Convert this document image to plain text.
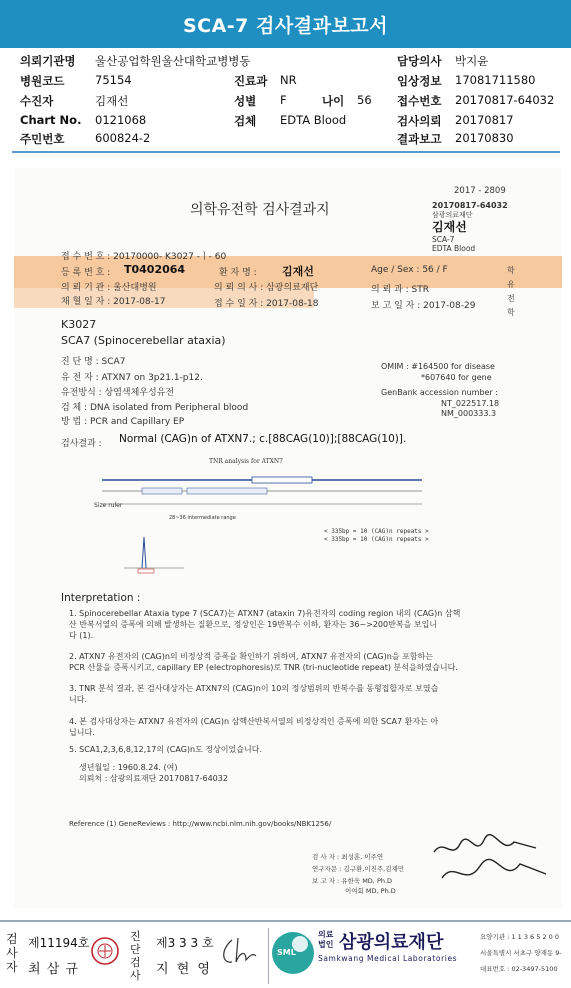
SCA-7 검사결과보고서
의뢰기관명 울산공업학원울산대학교병병동	담당의사 박지윤
병원코드	75154	진료과 NR	임상정보 17081711580
수진자	김재선	성별 F	나이 56 접수번호 20170817-64032
Chart No. 0121068	검체 EDTA Blood	검사의뢰 20170817
주민번호	600824-2	결과보고 20170830
2017 - 2809
20170817-64032
삼광의료재단
김재선
SCA-7
EDTA Blood
의학유전학 검사결과지
접 수 번 호 : 20170000- K3027 -ㅣ- 60
등 록 번 호 : T0402064	환 자 명 : 김재선	Age / Sex : 56 / F	학유전학
의 뢰 기 관 : 울산대병원	의 뢰 의 사 : 삼광의료재단	의 뢰 과 : STR
채 혈 일 자 : 2017-08-17	접 수 일 자 : 2017-08-18	보 고 일 자 : 2017-08-29
K3027
SCA7 (Spinocerebellar ataxia)
진 단 명 : SCA7
유 전 자 : ATXN7 on 3p21.1-p12.
유전방식 : 상염색체우성유전
검 체 : DNA isolated from Peripheral blood
방 법 : PCR and Capillary EP
OMIM : #164500 for disease
*607640 for gene
GenBank accession number :
NT_022517.18
NM_000333.3
검사결과 : Normal (CAG)n of ATXN7.; c.[88CAG(10)];[88CAG(10)].
TNR analysis for ATXN7
Size ruler
28~36 intermediate range
< 335bp = 10 (CAG)n repeats >
< 335bp = 10 (CAG)n repeats >
Interpretation :
1. Spinocerebellar Ataxia type 7 (SCA7)는 ATXN7 (ataxin 7)유전자의 coding region 내의 (CAG)n 삼핵
산 반복서열의 증폭에 의해 발생하는 질환으로, 정상인은 19반복수 이하, 환자는 36~>200반복을 보입니
다 (1).
2. ATXN7 유전자의 (CAG)n의 비정상적 증폭을 확인하기 위하여, ATXN7 유전자의 (CAG)n을 포함하는
PCR 산물을 증폭시키고, capillary EP (electrophoresis)로 TNR (tri-nucleotide repeat) 분석을하였습니다.
3. TNR 분석 결과, 본 검사대상자는 ATXN7의 (CAG)n이 10의 정상범위의 반복수를 동형접합자로 보였습
니다.
4. 본 검사대상자는 ATXN7 유전자의 (CAG)n 삼핵산반복서열의 비정상적인 증폭에 의한 SCA7 환자는 아
닙니다.
5. SCA1,2,3,6,8,12,17의 (CAG)n도 정상이었습니다.
생년월일 : 1960.8.24. (여)
의뢰처 : 삼광의료재단 20170817-64032
Reference (1) GeneReviews : http://www.ncbi.nlm.nih.gov/books/NBK1256/
검 사 자 : 최성훈, 이주연
연구자문 : 김구환,이진주,김재민
보 고 자 : 유한욱 MD, Ph.D
이여회 MD, Ph.D
검사자
제11194호
최 삼 규
진단검사
제3 3 3 호
지 현 영
SML
의료법인 삼광의료재단
Samkwang Medical Laboratories
요양기관 : 1 1 3 6 5 2 0 0
서울특별시 서초구 양재동 9-
대표번호 : 02-3497-5100
